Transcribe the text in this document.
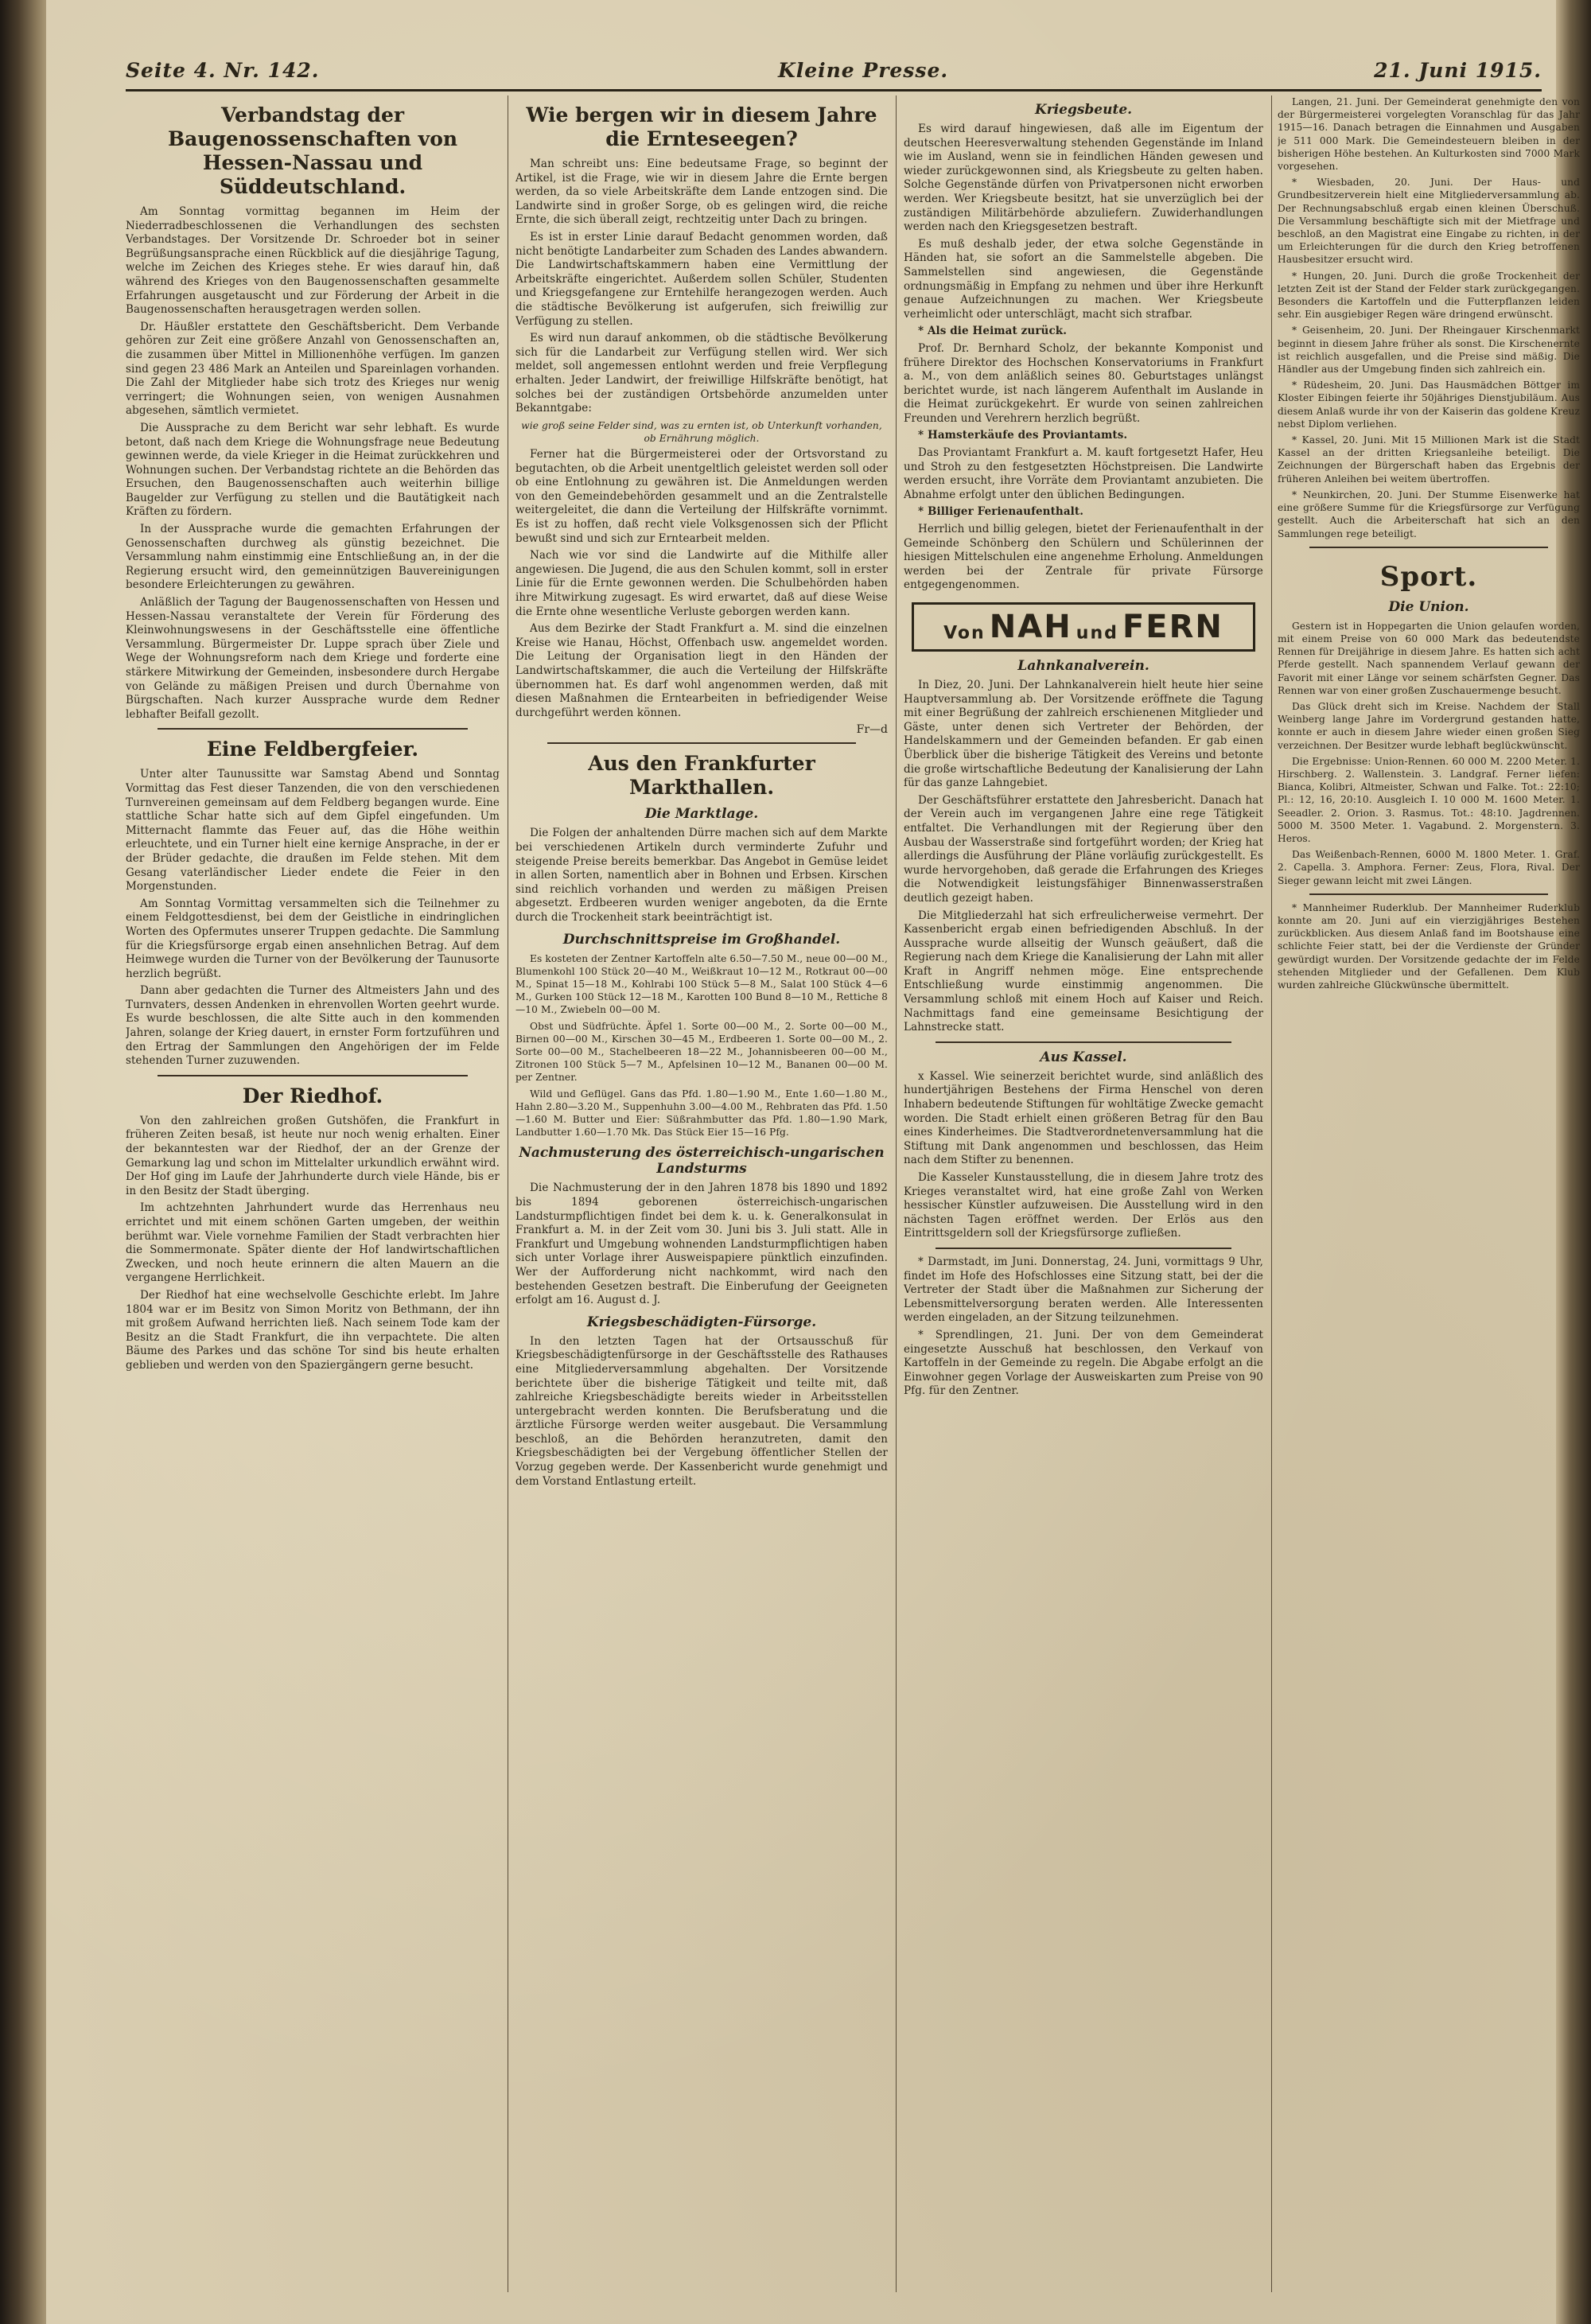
Seite 4. Nr. 142.	Kleine Presse.	21. Juni 1915.
Verbandstag der Baugenossenschaften von Hessen-Nassau und Süddeutschland.

Am Sonntag vormittag begannen im Heim der Niederradbeschlossenen die Verhandlungen des sechsten Verbandstages. Der Vorsitzende Dr. Schroeder bot in seiner Begrüßungsansprache einen Rückblick auf die diesjährige Tagung, welche im Zeichen des Krieges stehe. Er wies darauf hin, daß während des Krieges von den Baugenossenschaften gesammelte Erfahrungen ausgetauscht und zur Förderung der Arbeit in die Baugenossenschaften herausgetragen werden sollen.

Dr. Häußler erstattete den Geschäftsbericht. Dem Verbande gehören zur Zeit eine größere Anzahl von Genossenschaften an, die zusammen über Mittel in Millionenhöhe verfügen. Im ganzen sind gegen 23 486 Mark an Anteilen und Spareinlagen vorhanden. Die Zahl der Mitglieder habe sich trotz des Krieges nur wenig verringert; die Wohnungen seien, von wenigen Ausnahmen abgesehen, sämtlich vermietet.

Die Aussprache zu dem Bericht war sehr lebhaft. Es wurde betont, daß nach dem Kriege die Wohnungsfrage neue Bedeutung gewinnen werde, da viele Krieger in die Heimat zurückkehren und Wohnungen suchen. Der Verbandstag richtete an die Behörden das Ersuchen, den Baugenossenschaften auch weiterhin billige Baugelder zur Verfügung zu stellen und die Bautätigkeit nach Kräften zu fördern.

In der Aussprache wurde die gemachten Erfahrungen der Genossenschaften durchweg als günstig bezeichnet. Die Versammlung nahm einstimmig eine Entschließung an, in der die Regierung ersucht wird, den gemeinnützigen Bauvereinigungen besondere Erleichterungen zu gewähren.

Anläßlich der Tagung der Baugenossenschaften von Hessen und Hessen-Nassau veranstaltete der Verein für Förderung des Kleinwohnungswesens in der Geschäftsstelle eine öffentliche Versammlung. Bürgermeister Dr. Luppe sprach über Ziele und Wege der Wohnungsreform nach dem Kriege und forderte eine stärkere Mitwirkung der Gemeinden, insbesondere durch Hergabe von Gelände zu mäßigen Preisen und durch Übernahme von Bürgschaften. Nach kurzer Aussprache wurde dem Redner lebhafter Beifall gezollt.

Eine Feldbergfeier.

Unter alter Taunussitte war Samstag Abend und Sonntag Vormittag das Fest dieser Tanzenden, die von den verschiedenen Turnvereinen gemeinsam auf dem Feldberg begangen wurde. Eine stattliche Schar hatte sich auf dem Gipfel eingefunden. Um Mitternacht flammte das Feuer auf, das die Höhe weithin erleuchtete, und ein Turner hielt eine kernige Ansprache, in der er der Brüder gedachte, die draußen im Felde stehen. Mit dem Gesang vaterländischer Lieder endete die Feier in den Morgenstunden.

Am Sonntag Vormittag versammelten sich die Teilnehmer zu einem Feldgottesdienst, bei dem der Geistliche in eindringlichen Worten des Opfermutes unserer Truppen gedachte. Die Sammlung für die Kriegsfürsorge ergab einen ansehnlichen Betrag. Auf dem Heimwege wurden die Turner von der Bevölkerung der Taunusorte herzlich begrüßt.

Dann aber gedachten die Turner des Altmeisters Jahn und des Turnvaters, dessen Andenken in ehrenvollen Worten geehrt wurde. Es wurde beschlossen, die alte Sitte auch in den kommenden Jahren, solange der Krieg dauert, in ernster Form fortzuführen und den Ertrag der Sammlungen den Angehörigen der im Felde stehenden Turner zuzuwenden.

Der Riedhof.

Von den zahlreichen großen Gutshöfen, die Frankfurt in früheren Zeiten besaß, ist heute nur noch wenig erhalten. Einer der bekanntesten war der Riedhof, der an der Grenze der Gemarkung lag und schon im Mittelalter urkundlich erwähnt wird. Der Hof ging im Laufe der Jahrhunderte durch viele Hände, bis er in den Besitz der Stadt überging.

Im achtzehnten Jahrhundert wurde das Herrenhaus neu errichtet und mit einem schönen Garten umgeben, der weithin berühmt war. Viele vornehme Familien der Stadt verbrachten hier die Sommermonate. Später diente der Hof landwirtschaftlichen Zwecken, und noch heute erinnern die alten Mauern an die vergangene Herrlichkeit.

Der Riedhof hat eine wechselvolle Geschichte erlebt. Im Jahre 1804 war er im Besitz von Simon Moritz von Bethmann, der ihn mit großem Aufwand herrichten ließ. Nach seinem Tode kam der Besitz an die Stadt Frankfurt, die ihn verpachtete. Die alten Bäume des Parkes und das schöne Tor sind bis heute erhalten geblieben und werden von den Spaziergängern gerne besucht.

Wie bergen wir in diesem Jahre die Ernteseegen?

Man schreibt uns: Eine bedeutsame Frage, so beginnt der Artikel, ist die Frage, wie wir in diesem Jahre die Ernte bergen werden, da so viele Arbeitskräfte dem Lande entzogen sind. Die Landwirte sind in großer Sorge, ob es gelingen wird, die reiche Ernte, die sich überall zeigt, rechtzeitig unter Dach zu bringen.

Es ist in erster Linie darauf Bedacht genommen worden, daß nicht benötigte Landarbeiter zum Schaden des Landes abwandern. Die Landwirtschaftskammern haben eine Vermittlung der Arbeitskräfte eingerichtet. Außerdem sollen Schüler, Studenten und Kriegsgefangene zur Erntehilfe herangezogen werden. Auch die städtische Bevölkerung ist aufgerufen, sich freiwillig zur Verfügung zu stellen.

Es wird nun darauf ankommen, ob die städtische Bevölkerung sich für die Landarbeit zur Verfügung stellen wird. Wer sich meldet, soll angemessen entlohnt werden und freie Verpflegung erhalten. Jeder Landwirt, der freiwillige Hilfskräfte benötigt, hat solches bei der zuständigen Ortsbehörde anzumelden unter Bekanntgabe:

wie groß seine Felder sind, was zu ernten ist, ob Unterkunft vorhanden, ob Ernährung möglich.

Ferner hat die Bürgermeisterei oder der Ortsvorstand zu begutachten, ob die Arbeit unentgeltlich geleistet werden soll oder ob eine Entlohnung zu gewähren ist. Die Anmeldungen werden von den Gemeindebehörden gesammelt und an die Zentralstelle weitergeleitet, die dann die Verteilung der Hilfskräfte vornimmt. Es ist zu hoffen, daß recht viele Volksgenossen sich der Pflicht bewußt sind und sich zur Erntearbeit melden.

Nach wie vor sind die Landwirte auf die Mithilfe aller angewiesen. Die Jugend, die aus den Schulen kommt, soll in erster Linie für die Ernte gewonnen werden. Die Schulbehörden haben ihre Mitwirkung zugesagt. Es wird erwartet, daß auf diese Weise die Ernte ohne wesentliche Verluste geborgen werden kann.

Aus dem Bezirke der Stadt Frankfurt a. M. sind die einzelnen Kreise wie Hanau, Höchst, Offenbach usw. angemeldet worden. Die Leitung der Organisation liegt in den Händen der Landwirtschaftskammer, die auch die Verteilung der Hilfskräfte übernommen hat. Es darf wohl angenommen werden, daß mit diesen Maßnahmen die Erntearbeiten in befriedigender Weise durchgeführt werden können.

Fr—d
Aus den Frankfurter Markthallen.
Die Marktlage.

Die Folgen der anhaltenden Dürre machen sich auf dem Markte bei verschiedenen Artikeln durch verminderte Zufuhr und steigende Preise bereits bemerkbar. Das Angebot in Gemüse leidet in allen Sorten, namentlich aber in Bohnen und Erbsen. Kirschen sind reichlich vorhanden und werden zu mäßigen Preisen abgesetzt. Erdbeeren wurden weniger angeboten, da die Ernte durch die Trockenheit stark beeinträchtigt ist.

Durchschnittspreise im Großhandel.

Es kosteten der Zentner Kartoffeln alte 6.50—7.50 M., neue 00—00 M., Blumenkohl 100 Stück 20—40 M., Weißkraut 10—12 M., Rotkraut 00—00 M., Spinat 15—18 M., Kohlrabi 100 Stück 5—8 M., Salat 100 Stück 4—6 M., Gurken 100 Stück 12—18 M., Karotten 100 Bund 8—10 M., Rettiche 8—10 M., Zwiebeln 00—00 M.

Obst und Südfrüchte. Äpfel 1. Sorte 00—00 M., 2. Sorte 00—00 M., Birnen 00—00 M., Kirschen 30—45 M., Erdbeeren 1. Sorte 00—00 M., 2. Sorte 00—00 M., Stachelbeeren 18—22 M., Johannisbeeren 00—00 M., Zitronen 100 Stück 5—7 M., Apfelsinen 10—12 M., Bananen 00—00 M. per Zentner.

Wild und Geflügel. Gans das Pfd. 1.80—1.90 M., Ente 1.60—1.80 M., Hahn 2.80—3.20 M., Suppenhuhn 3.00—4.00 M., Rehbraten das Pfd. 1.50—1.60 M. Butter und Eier: Süßrahmbutter das Pfd. 1.80—1.90 Mark, Landbutter 1.60—1.70 Mk. Das Stück Eier 15—16 Pfg.

Nachmusterung des österreichisch-ungarischen Landsturms

Die Nachmusterung der in den Jahren 1878 bis 1890 und 1892 bis 1894 geborenen österreichisch-ungarischen Landsturmpflichtigen findet bei dem k. u. k. Generalkonsulat in Frankfurt a. M. in der Zeit vom 30. Juni bis 3. Juli statt. Alle in Frankfurt und Umgebung wohnenden Landsturmpflichtigen haben sich unter Vorlage ihrer Ausweispapiere pünktlich einzufinden. Wer der Aufforderung nicht nachkommt, wird nach den bestehenden Gesetzen bestraft. Die Einberufung der Geeigneten erfolgt am 16. August d. J.

Kriegsbeschädigten-Fürsorge.

In den letzten Tagen hat der Ortsausschuß für Kriegsbeschädigtenfürsorge in der Geschäftsstelle des Rathauses eine Mitgliederversammlung abgehalten. Der Vorsitzende berichtete über die bisherige Tätigkeit und teilte mit, daß zahlreiche Kriegsbeschädigte bereits wieder in Arbeitsstellen untergebracht werden konnten. Die Berufsberatung und die ärztliche Fürsorge werden weiter ausgebaut. Die Versammlung beschloß, an die Behörden heranzutreten, damit den Kriegsbeschädigten bei der Vergebung öffentlicher Stellen der Vorzug gegeben werde. Der Kassenbericht wurde genehmigt und dem Vorstand Entlastung erteilt.

Kriegsbeute.

Es wird darauf hingewiesen, daß alle im Eigentum der deutschen Heeresverwaltung stehenden Gegenstände im Inland wie im Ausland, wenn sie in feindlichen Händen gewesen und wieder zurückgewonnen sind, als Kriegsbeute zu gelten haben. Solche Gegenstände dürfen von Privatpersonen nicht erworben werden. Wer Kriegsbeute besitzt, hat sie unverzüglich bei der zuständigen Militärbehörde abzuliefern. Zuwiderhandlungen werden nach den Kriegsgesetzen bestraft.

Es muß deshalb jeder, der etwa solche Gegenstände in Händen hat, sie sofort an die Sammelstelle abgeben. Die Sammelstellen sind angewiesen, die Gegenstände ordnungsmäßig in Empfang zu nehmen und über ihre Herkunft genaue Aufzeichnungen zu machen. Wer Kriegsbeute verheimlicht oder unterschlägt, macht sich strafbar.

* Als die Heimat zurück.

Prof. Dr. Bernhard Scholz, der bekannte Komponist und frühere Direktor des Hochschen Konservatoriums in Frankfurt a. M., von dem anläßlich seines 80. Geburtstages unlängst berichtet wurde, ist nach längerem Aufenthalt im Auslande in die Heimat zurückgekehrt. Er wurde von seinen zahlreichen Freunden und Verehrern herzlich begrüßt.

* Hamsterkäufe des Proviantamts.

Das Proviantamt Frankfurt a. M. kauft fortgesetzt Hafer, Heu und Stroh zu den festgesetzten Höchstpreisen. Die Landwirte werden ersucht, ihre Vorräte dem Proviantamt anzubieten. Die Abnahme erfolgt unter den üblichen Bedingungen.

* Billiger Ferienaufenthalt.

Herrlich und billig gelegen, bietet der Ferienaufenthalt in der Gemeinde Schönberg den Schülern und Schülerinnen der hiesigen Mittelschulen eine angenehme Erholung. Anmeldungen werden bei der Zentrale für private Fürsorge entgegengenommen.

Von NAH und FERN
Lahnkanalverein.

In Diez, 20. Juni. Der Lahnkanalverein hielt heute hier seine Hauptversammlung ab. Der Vorsitzende eröffnete die Tagung mit einer Begrüßung der zahlreich erschienenen Mitglieder und Gäste, unter denen sich Vertreter der Behörden, der Handelskammern und der Gemeinden befanden. Er gab einen Überblick über die bisherige Tätigkeit des Vereins und betonte die große wirtschaftliche Bedeutung der Kanalisierung der Lahn für das ganze Lahngebiet.

Der Geschäftsführer erstattete den Jahresbericht. Danach hat der Verein auch im vergangenen Jahre eine rege Tätigkeit entfaltet. Die Verhandlungen mit der Regierung über den Ausbau der Wasserstraße sind fortgeführt worden; der Krieg hat allerdings die Ausführung der Pläne vorläufig zurückgestellt. Es wurde hervorgehoben, daß gerade die Erfahrungen des Krieges die Notwendigkeit leistungsfähiger Binnenwasserstraßen deutlich gezeigt haben.

Die Mitgliederzahl hat sich erfreulicherweise vermehrt. Der Kassenbericht ergab einen befriedigenden Abschluß. In der Aussprache wurde allseitig der Wunsch geäußert, daß die Regierung nach dem Kriege die Kanalisierung der Lahn mit aller Kraft in Angriff nehmen möge. Eine entsprechende Entschließung wurde einstimmig angenommen. Die Versammlung schloß mit einem Hoch auf Kaiser und Reich. Nachmittags fand eine gemeinsame Besichtigung der Lahnstrecke statt.

Aus Kassel.

x Kassel. Wie seinerzeit berichtet wurde, sind anläßlich des hundertjährigen Bestehens der Firma Henschel von deren Inhabern bedeutende Stiftungen für wohltätige Zwecke gemacht worden. Die Stadt erhielt einen größeren Betrag für den Bau eines Kinderheimes. Die Stadtverordnetenversammlung hat die Stiftung mit Dank angenommen und beschlossen, das Heim nach dem Stifter zu benennen.

Die Kasseler Kunstausstellung, die in diesem Jahre trotz des Krieges veranstaltet wird, hat eine große Zahl von Werken hessischer Künstler aufzuweisen. Die Ausstellung wird in den nächsten Tagen eröffnet werden. Der Erlös aus den Eintrittsgeldern soll der Kriegsfürsorge zufließen.

* Darmstadt, im Juni. Donnerstag, 24. Juni, vormittags 9 Uhr, findet im Hofe des Hofschlosses eine Sitzung statt, bei der die Vertreter der Stadt über die Maßnahmen zur Sicherung der Lebensmittelversorgung beraten werden. Alle Interessenten werden eingeladen, an der Sitzung teilzunehmen.

* Sprendlingen, 21. Juni. Der von dem Gemeinderat eingesetzte Ausschuß hat beschlossen, den Verkauf von Kartoffeln in der Gemeinde zu regeln. Die Abgabe erfolgt an die Einwohner gegen Vorlage der Ausweiskarten zum Preise von 90 Pfg. für den Zentner.

Langen, 21. Juni. Der Gemeinderat genehmigte den von der Bürgermeisterei vorgelegten Voranschlag für das Jahr 1915—16. Danach betragen die Einnahmen und Ausgaben je 511 000 Mark. Die Gemeindesteuern bleiben in der bisherigen Höhe bestehen. An Kulturkosten sind 7000 Mark vorgesehen.

* Wiesbaden, 20. Juni. Der Haus- und Grundbesitzerverein hielt eine Mitgliederversammlung ab. Der Rechnungsabschluß ergab einen kleinen Überschuß. Die Versammlung beschäftigte sich mit der Mietfrage und beschloß, an den Magistrat eine Eingabe zu richten, in der um Erleichterungen für die durch den Krieg betroffenen Hausbesitzer ersucht wird.

* Hungen, 20. Juni. Durch die große Trockenheit der letzten Zeit ist der Stand der Felder stark zurückgegangen. Besonders die Kartoffeln und die Futterpflanzen leiden sehr. Ein ausgiebiger Regen wäre dringend erwünscht.

* Geisenheim, 20. Juni. Der Rheingauer Kirschenmarkt beginnt in diesem Jahre früher als sonst. Die Kirschenernte ist reichlich ausgefallen, und die Preise sind mäßig. Die Händler aus der Umgebung finden sich zahlreich ein.

* Rüdesheim, 20. Juni. Das Hausmädchen Böttger im Kloster Eibingen feierte ihr 50jähriges Dienstjubiläum. Aus diesem Anlaß wurde ihr von der Kaiserin das goldene Kreuz nebst Diplom verliehen.

* Kassel, 20. Juni. Mit 15 Millionen Mark ist die Stadt Kassel an der dritten Kriegsanleihe beteiligt. Die Zeichnungen der Bürgerschaft haben das Ergebnis der früheren Anleihen bei weitem übertroffen.

* Neunkirchen, 20. Juni. Der Stumme Eisenwerke hat eine größere Summe für die Kriegsfürsorge zur Verfügung gestellt. Auch die Arbeiterschaft hat sich an den Sammlungen rege beteiligt.

Sport.
Die Union.

Gestern ist in Hoppegarten die Union gelaufen worden, mit einem Preise von 60 000 Mark das bedeutendste Rennen für Dreijährige in diesem Jahre. Es hatten sich acht Pferde gestellt. Nach spannendem Verlauf gewann der Favorit mit einer Länge vor seinem schärfsten Gegner. Das Rennen war von einer großen Zuschauermenge besucht.

Das Glück dreht sich im Kreise. Nachdem der Stall Weinberg lange Jahre im Vordergrund gestanden hatte, konnte er auch in diesem Jahre wieder einen großen Sieg verzeichnen. Der Besitzer wurde lebhaft beglückwünscht.

Die Ergebnisse: Union-Rennen. 60 000 M. 2200 Meter. 1. Hirschberg. 2. Wallenstein. 3. Landgraf. Ferner liefen: Bianca, Kolibri, Altmeister, Schwan und Falke. Tot.: 22:10; Pl.: 12, 16, 20:10. Ausgleich I. 10 000 M. 1600 Meter. 1. Seeadler. 2. Orion. 3. Rasmus. Tot.: 48:10. Jagdrennen. 5000 M. 3500 Meter. 1. Vagabund. 2. Morgenstern. 3. Heros.

Das Weißenbach-Rennen, 6000 M. 1800 Meter. 1. Graf. 2. Capella. 3. Amphora. Ferner: Zeus, Flora, Rival. Der Sieger gewann leicht mit zwei Längen.

* Mannheimer Ruderklub. Der Mannheimer Ruderklub konnte am 20. Juni auf ein vierzigjähriges Bestehen zurückblicken. Aus diesem Anlaß fand im Bootshause eine schlichte Feier statt, bei der die Verdienste der Gründer gewürdigt wurden. Der Vorsitzende gedachte der im Felde stehenden Mitglieder und der Gefallenen. Dem Klub wurden zahlreiche Glückwünsche übermittelt.
